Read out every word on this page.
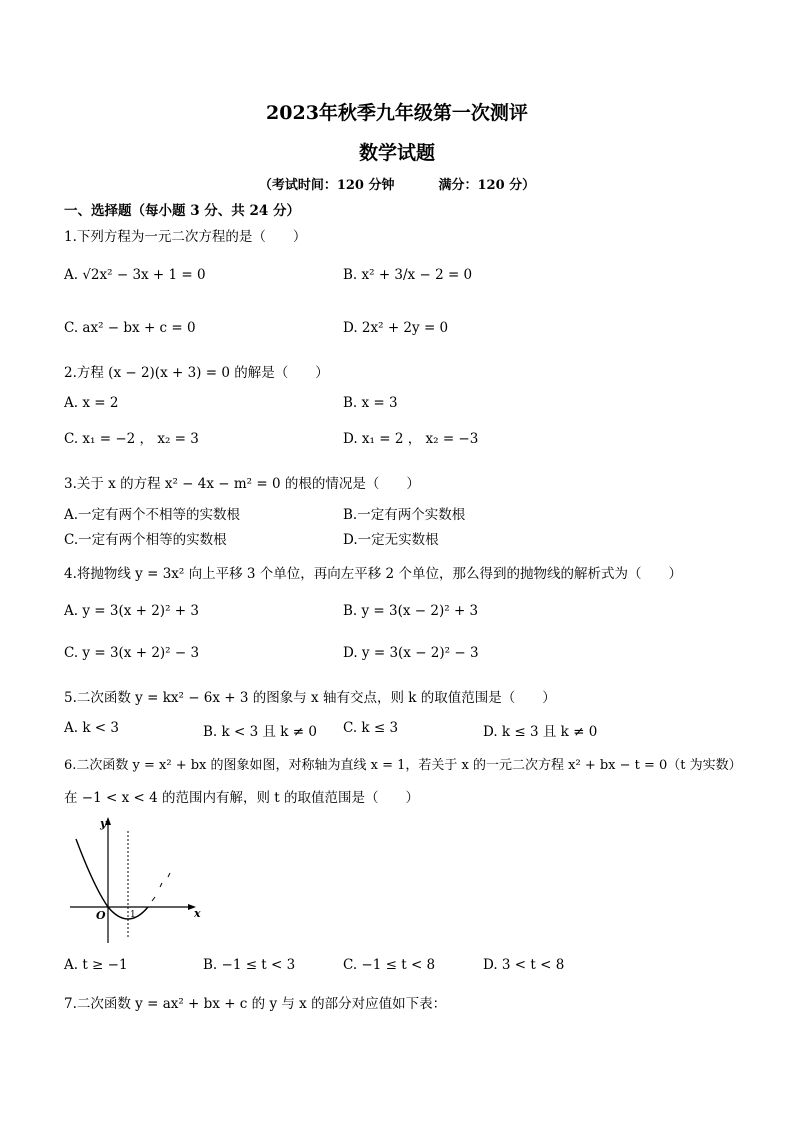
2023年秋季九年级第一次测评
数学试题
（考试时间：120 分钟	满分：120 分）
一、选择题（每小题 3 分、共 24 分）
1.下列方程为一元二次方程的是（　　）
A. √2x² − 3x + 1 = 0	B. x² + 3/x − 2 = 0
C. ax² − bx + c = 0	D. 2x² + 2y = 0
2.方程 (x − 2)(x + 3) = 0 的解是（　　）
A. x = 2	B. x = 3
C. x₁ = −2 ， x₂ = 3	D. x₁ = 2 ， x₂ = −3
3.关于 x 的方程 x² − 4x − m² = 0 的根的情况是（　　）
A.一定有两个不相等的实数根	B.一定有两个实数根
C.一定有两个相等的实数根	D.一定无实数根
4.将抛物线 y = 3x² 向上平移 3 个单位，再向左平移 2 个单位，那么得到的抛物线的解析式为（　　）
A. y = 3(x + 2)² + 3	B. y = 3(x − 2)² + 3
C. y = 3(x + 2)² − 3	D. y = 3(x − 2)² − 3
5.二次函数 y = kx² − 6x + 3 的图象与 x 轴有交点，则 k 的取值范围是（　　）
A. k < 3	B. k < 3 且 k ≠ 0 C. k ≤ 3	D. k ≤ 3 且 k ≠ 0
6.二次函数 y = x² + bx 的图象如图，对称轴为直线 x = 1，若关于 x 的一元二次方程 x² + bx − t = 0（t 为实数）
在 −1 < x < 4 的范围内有解，则 t 的取值范围是（　　）
y
x
O	1
A. t ≥ −1	B. −1 ≤ t < 3	C. −1 ≤ t < 8	D. 3 < t < 8
7.二次函数 y = ax² + bx + c 的 y 与 x 的部分对应值如下表：
